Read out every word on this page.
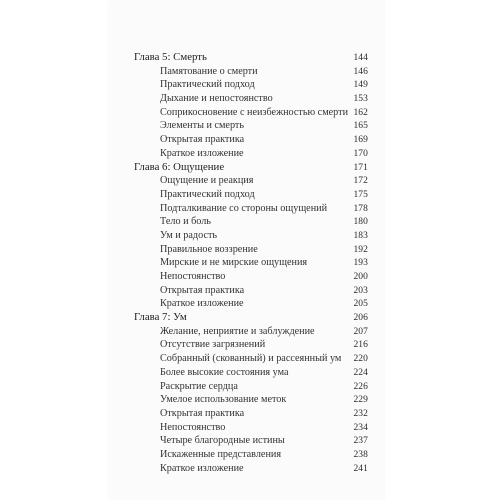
Глава 5: Смерть	144
Памятование о смерти	146
Практический подход	149
Дыхание и непостоянство	153
Соприкосновение с неизбежностью смерти 162
Элементы и смерть	165
Открытая практика	169
Краткое изложение	170
Глава 6: Ощущение	171
Ощущение и реакция	172
Практический подход	175
Подталкивание со стороны ощущений	178
Тело и боль	180
Ум и радость	183
Правильное воззрение	192
Мирские и не мирские ощущения	193
Непостоянство	200
Открытая практика	203
Краткое изложение	205
Глава 7: Ум	206
Желание, неприятие и заблуждение	207
Отсутствие загрязнений	216
Собранный (скованный) и рассеянный ум 220
Более высокие состояния ума	224
Раскрытие сердца	226
Умелое использование меток	229
Открытая практика	232
Непостоянство	234
Четыре благородные истины	237
Искаженные представления	238
Краткое изложение	241
